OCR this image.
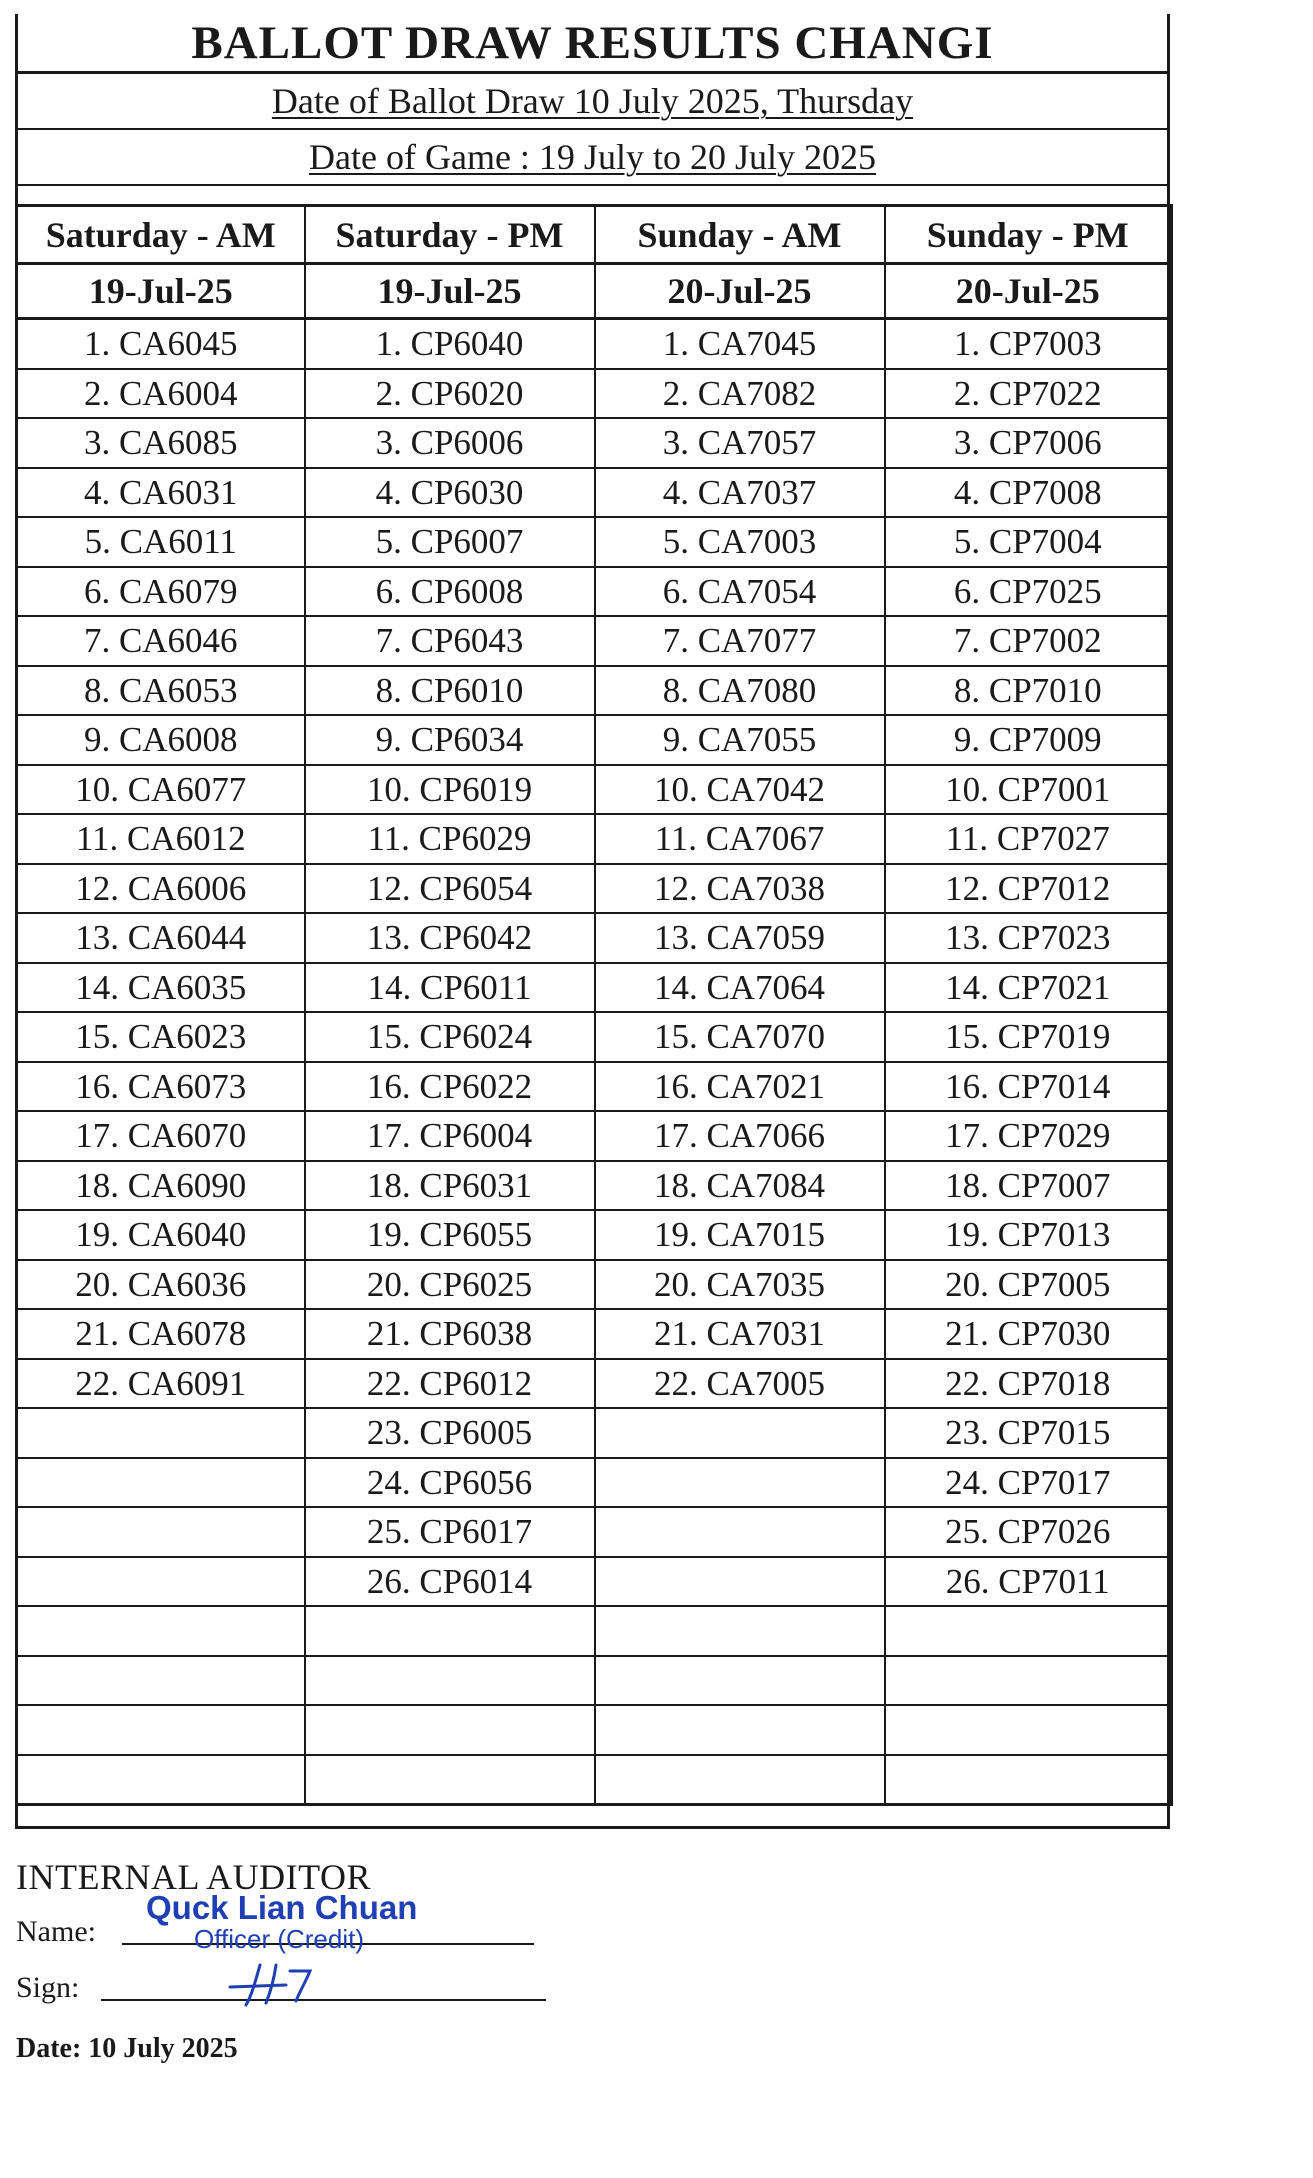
BALLOT DRAW RESULTS CHANGI
Date of Ballot Draw 10 July 2025, Thursday
Date of Game : 19 July to 20 July 2025
Saturday - AM	Saturday - PM	Sunday - AM	Sunday - PM
19-Jul-25	19-Jul-25	20-Jul-25	20-Jul-25
1. CA6045	1. CP6040	1. CA7045	1. CP7003
2. CA6004	2. CP6020	2. CA7082	2. CP7022
3. CA6085	3. CP6006	3. CA7057	3. CP7006
4. CA6031	4. CP6030	4. CA7037	4. CP7008
5. CA6011	5. CP6007	5. CA7003	5. CP7004
6. CA6079	6. CP6008	6. CA7054	6. CP7025
7. CA6046	7. CP6043	7. CA7077	7. CP7002
8. CA6053	8. CP6010	8. CA7080	8. CP7010
9. CA6008	9. CP6034	9. CA7055	9. CP7009
10. CA6077	10. CP6019	10. CA7042	10. CP7001
11. CA6012	11. CP6029	11. CA7067	11. CP7027
12. CA6006	12. CP6054	12. CA7038	12. CP7012
13. CA6044	13. CP6042	13. CA7059	13. CP7023
14. CA6035	14. CP6011	14. CA7064	14. CP7021
15. CA6023	15. CP6024	15. CA7070	15. CP7019
16. CA6073	16. CP6022	16. CA7021	16. CP7014
17. CA6070	17. CP6004	17. CA7066	17. CP7029
18. CA6090	18. CP6031	18. CA7084	18. CP7007
19. CA6040	19. CP6055	19. CA7015	19. CP7013
20. CA6036	20. CP6025	20. CA7035	20. CP7005
21. CA6078	21. CP6038	21. CA7031	21. CP7030
22. CA6091	22. CP6012	22. CA7005	22. CP7018
	23. CP6005		23. CP7015
	24. CP6056		24. CP7017
	25. CP6017		25. CP7026
	26. CP6014		26. CP7011

INTERNAL AUDITOR
Name:
Quck Lian Chuan
Officer (Credit)
Sign:
Date: 10 July 2025
